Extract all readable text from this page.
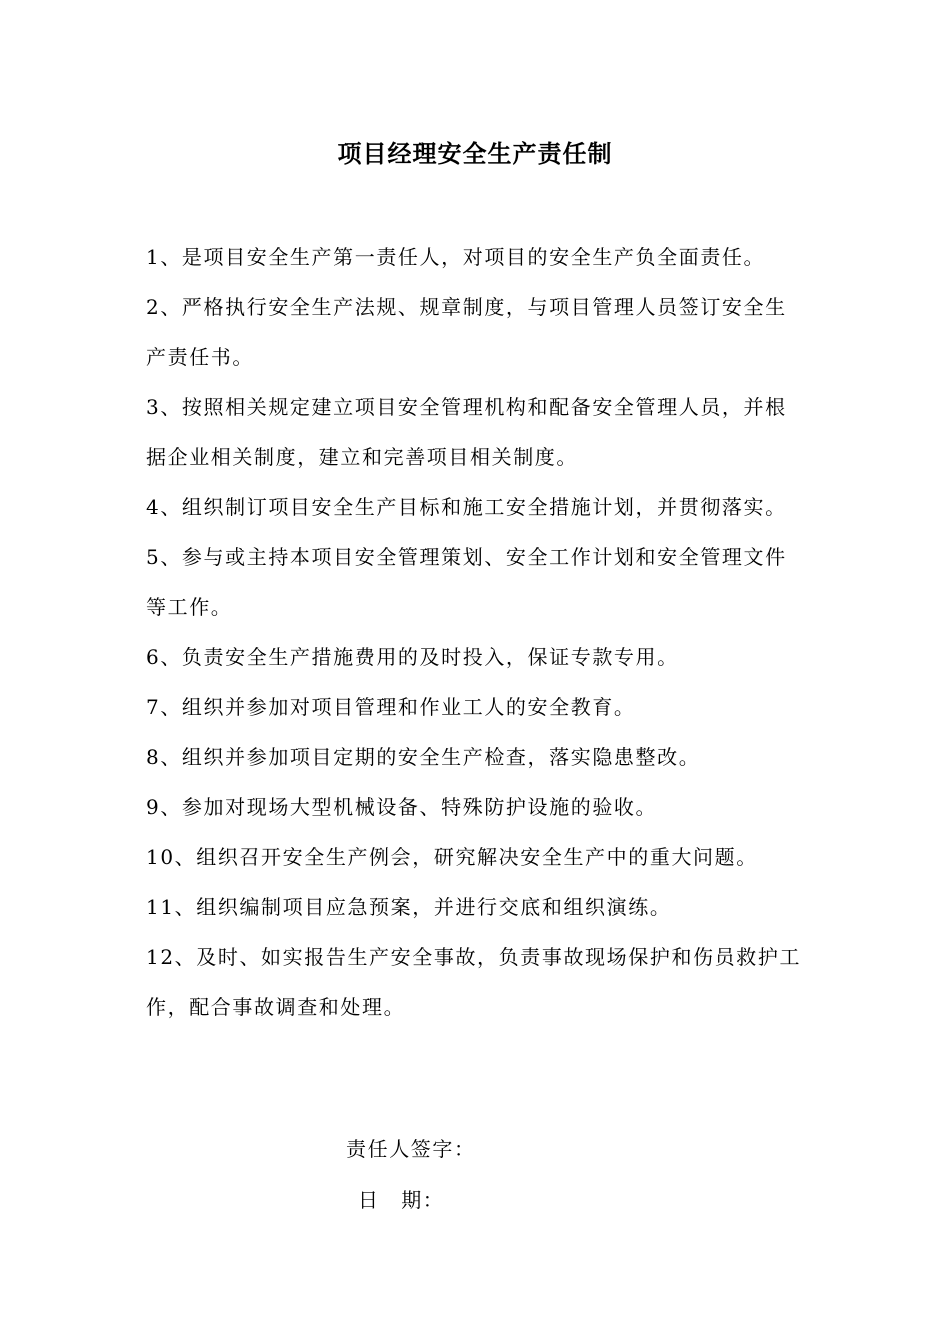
项目经理安全生产责任制
1、是项目安全生产第一责任人，对项目的安全生产负全面责任。
2、严格执行安全生产法规、规章制度，与项目管理人员签订安全生产责任书。
3、按照相关规定建立项目安全管理机构和配备安全管理人员，并根据企业相关制度，建立和完善项目相关制度。
4、组织制订项目安全生产目标和施工安全措施计划，并贯彻落实。
5、参与或主持本项目安全管理策划、安全工作计划和安全管理文件等工作。
6、负责安全生产措施费用的及时投入，保证专款专用。
7、组织并参加对项目管理和作业工人的安全教育。
8、组织并参加项目定期的安全生产检查，落实隐患整改。
9、参加对现场大型机械设备、特殊防护设施的验收。
10、组织召开安全生产例会，研究解决安全生产中的重大问题。
11、组织编制项目应急预案，并进行交底和组织演练。
12、及时、如实报告生产安全事故，负责事故现场保护和伤员救护工作，配合事故调查和处理。
责任人签字：
日　期：
